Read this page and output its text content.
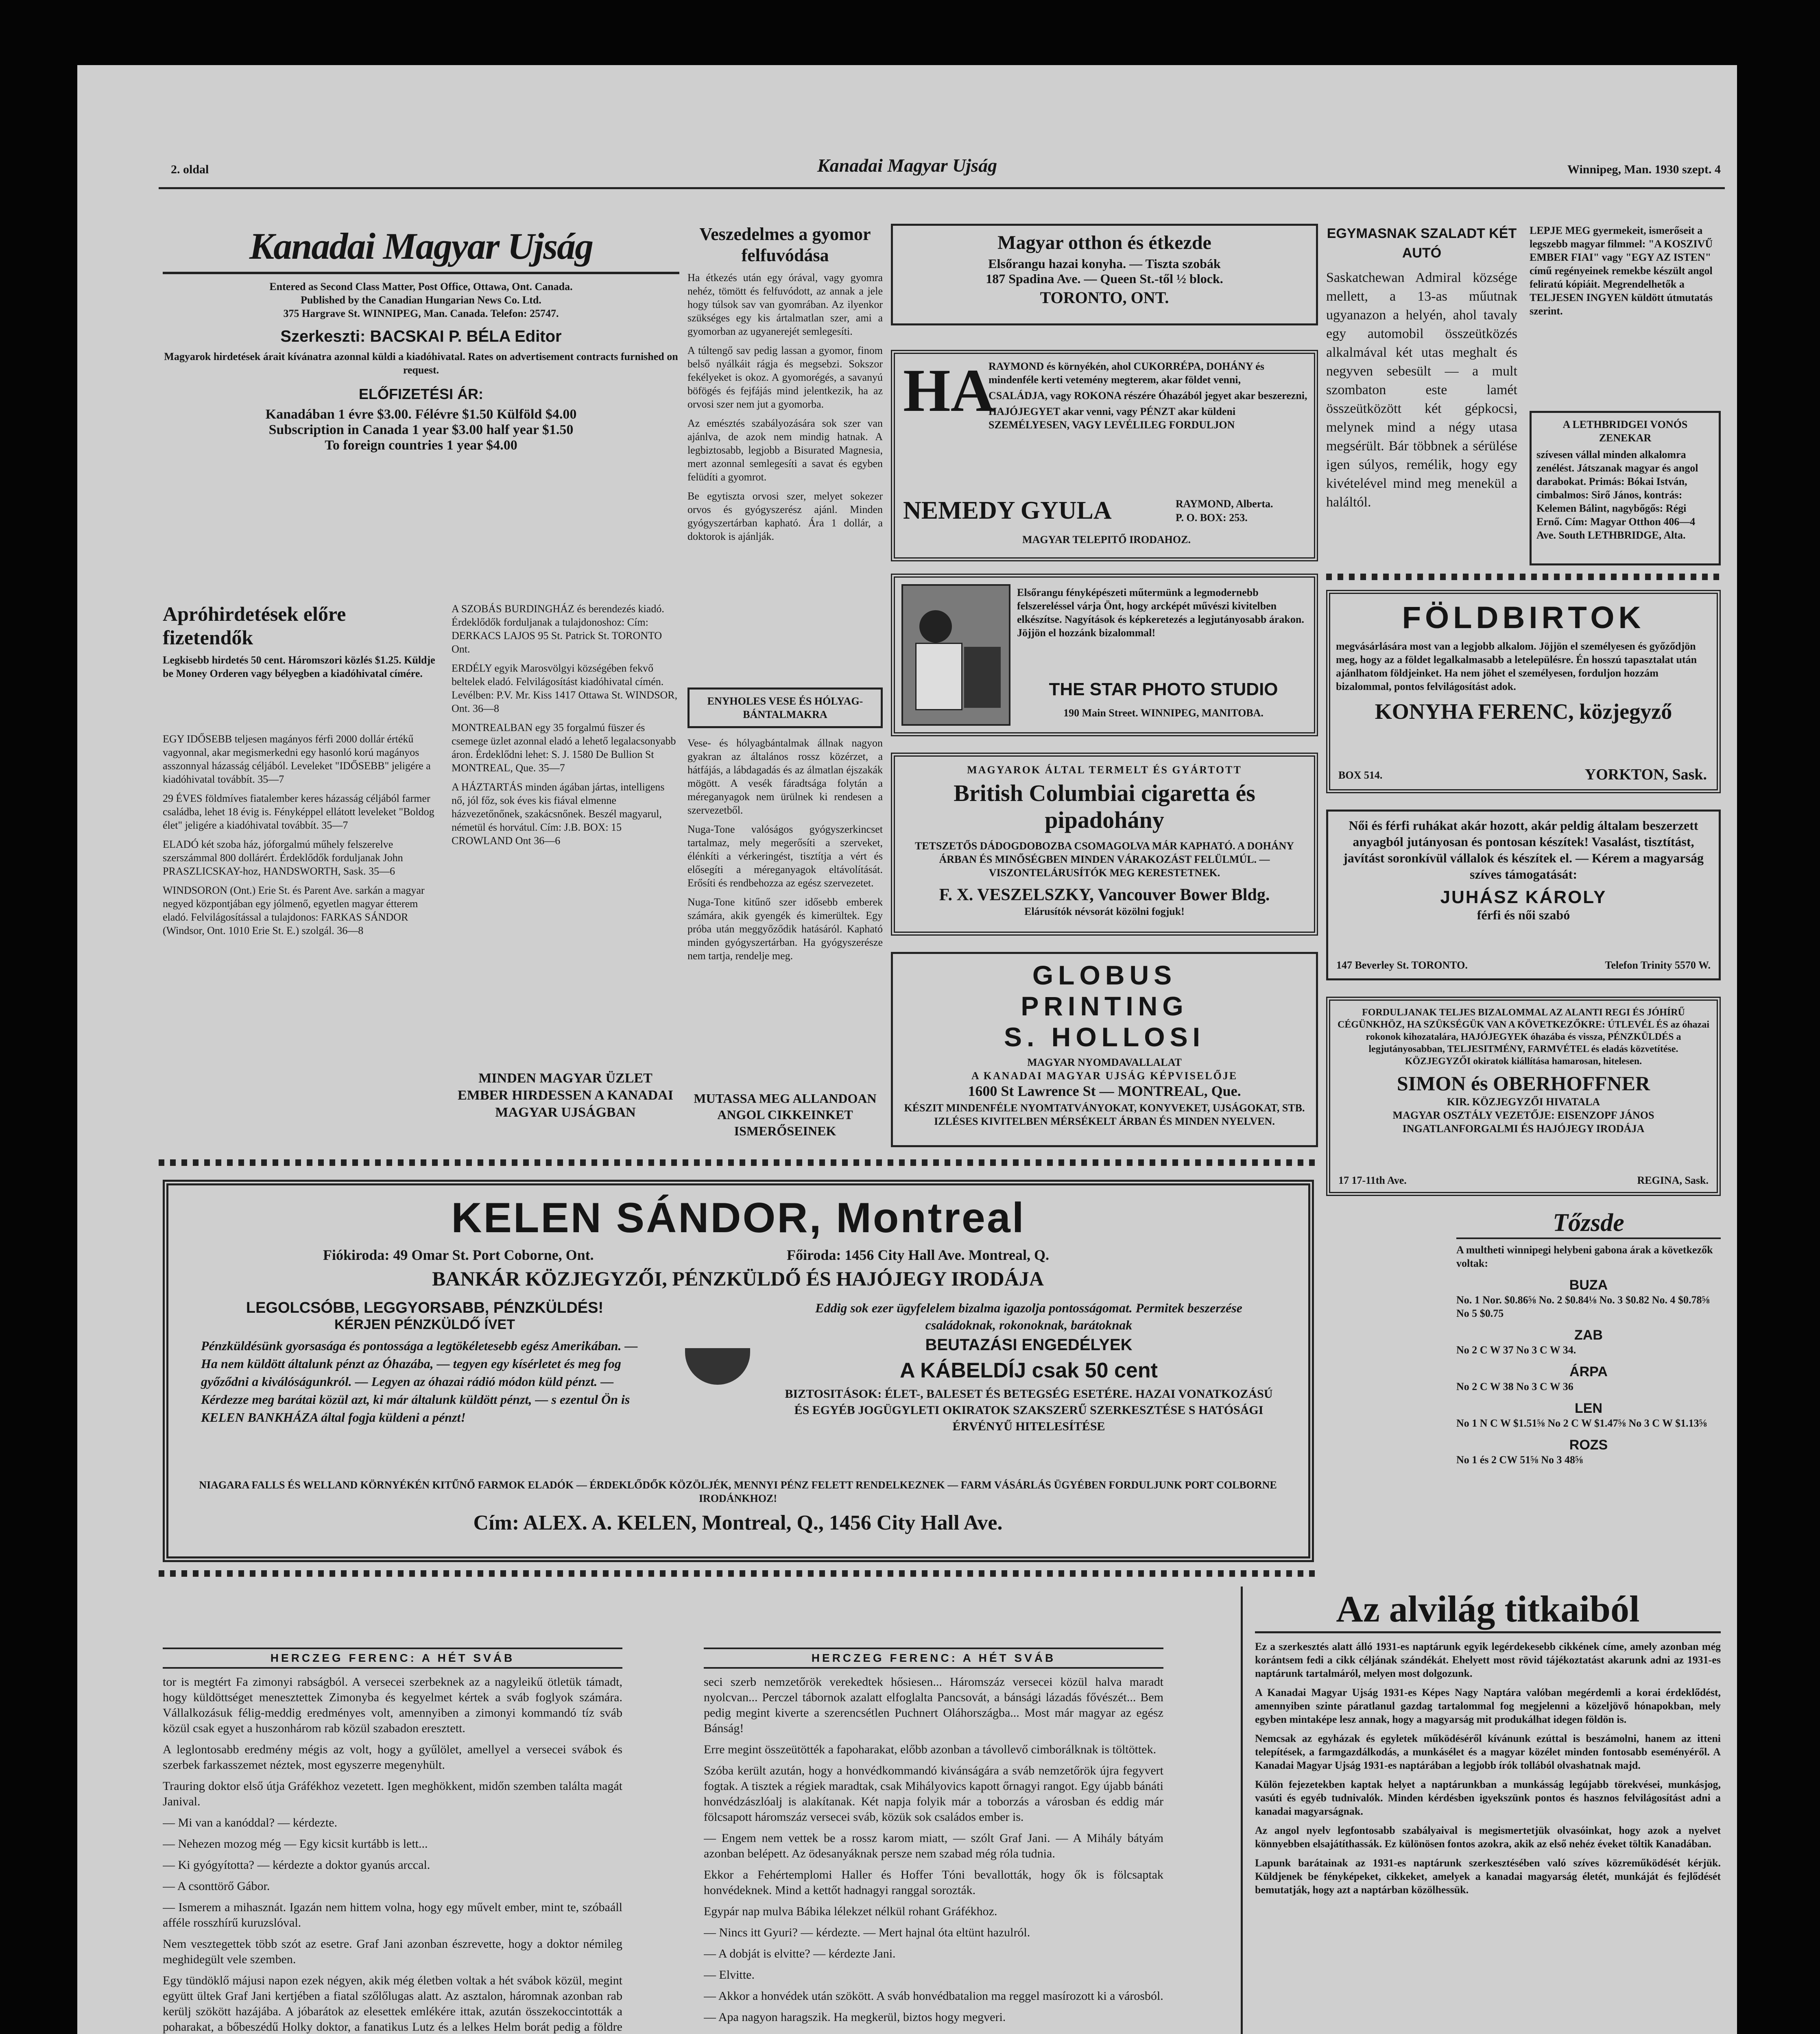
2. oldal	Kanadai Magyar Ujság	Winnipeg, Man. 1930 szept. 4
Kanadai Magyar Ujság
Entered as Second Class Matter, Post Office, Ottawa, Ont. Canada.
Published by the Canadian Hungarian News Co. Ltd.
375 Hargrave St. WINNIPEG, Man. Canada. Telefon: 25747.
Szerkeszti: BACSKAI P. BÉLA Editor
Magyarok hirdetések árait kívánatra azonnal küldi a kiadóhivatal. Rates on advertisement contracts furnished on request.
ELŐFIZETÉSI ÁR:
Kanadában 1 évre $3.00. Félévre $1.50 Külföld $4.00
Subscription in Canada 1 year $3.00 half year $1.50
To foreign countries 1 year $4.00
Apróhirdetések előre fizetendők
Legkisebb hirdetés 50 cent. Háromszori közlés $1.25. Küldje be Money Orderen vagy bélyegben a kiadóhivatal címére.

EGY IDŐSEBB teljesen magányos férfi 2000 dollár értékű vagyonnal, akar megismerkedni egy hasonló korú magányos asszonnyal házasság céljából. Leveleket "IDŐSEBB" jeligére a kiadóhivatal továbbít. 35—7

29 ÉVES földmíves fiatalember keres házasság céljából farmer családba, lehet 18 évig is. Fényképpel ellátott leveleket "Boldog élet" jeligére a kiadóhivatal továbbít. 35—7

ELADÓ két szoba ház, jóforgalmú műhely felszerelve szerszámmal 800 dollárért. Érdeklődők forduljanak John PRASZLICSKAY-hoz, HANDSWORTH, Sask. 35—6

WINDSORON (Ont.) Erie St. és Parent Ave. sarkán a magyar negyed központjában egy jólmenő, egyetlen magyar étterem eladó. Felvilágosítással a tulajdonos: FARKAS SÁNDOR (Windsor, Ont. 1010 Erie St. E.) szolgál. 36—8

A SZOBÁS BURDINGHÁZ és berendezés kiadó. Érdeklődők forduljanak a tulajdonoshoz: Cím: DERKACS LAJOS 95 St. Patrick St. TORONTO Ont.

ERDÉLY egyik Marosvölgyi községében fekvő beltelek eladó. Felvilágosítást kiadóhivatal címén. Levélben: P.V. Mr. Kiss 1417 Ottawa St. WINDSOR, Ont. 36—8

MONTREALBAN egy 35 forgalmú füszer és csemege üzlet azonnal eladó a lehető legalacsonyabb áron. Érdeklődni lehet: S. J. 1580 De Bullion St MONTREAL, Que. 35—7

A HÁZTARTÁS minden ágában jártas, intelligens nő, jól főz, sok éves kis fiával elmenne házvezetőnőnek, szakácsnőnek. Beszél magyarul, németül és horvátul. Cím: J.B. BOX: 15 CROWLAND Ont 36—6

MINDEN MAGYAR ÜZLET EMBER HIRDESSEN A KANADAI MAGYAR UJSÁGBAN
Veszedelmes a gyomor felfuvódása

Ha étkezés után egy órával, vagy gyomra nehéz, tömött és felfuvódott, az annak a jele hogy túlsok sav van gyomrában. Az ilyenkor szükséges egy kis ártalmatlan szer, ami a gyomorban az ugyanerejét semlegesíti.

A túltengő sav pedig lassan a gyomor, finom belső nyálkáit rágja és megsebzi. Sokszor fekélyeket is okoz. A gyomorégés, a savanyú böfögés és fejfájás mind jelentkezik, ha az orvosi szer nem jut a gyomorba.

Az emésztés szabályozására sok szer van ajánlva, de azok nem mindig hatnak. A legbiztosabb, legjobb a Bisurated Magnesia, mert azonnal semlegesíti a savat és egyben felüdíti a gyomrot.

Be egytiszta orvosi szer, melyet sokezer orvos és gyógyszerész ajánl. Minden gyógyszertárban kapható. Ára 1 dollár, a doktorok is ajánlják.

ENYHOLES VESE ÉS HÓLYAG-BÁNTALMAKRA

Vese- és hólyagbántalmak állnak nagyon gyakran az általános rossz közérzet, a hátfájás, a lábdagadás és az álmatlan éjszakák mögött. A vesék fáradtsága folytán a méreganyagok nem ürülnek ki rendesen a szervezetből.

Nuga-Tone valóságos gyógyszerkincset tartalmaz, mely megerősíti a szerveket, élénkíti a vérkeringést, tisztítja a vért és elősegíti a méreganyagok eltávolítását. Erősíti és rendbehozza az egész szervezetet.

Nuga-Tone kitűnő szer idősebb emberek számára, akik gyengék és kimerültek. Egy próba után meggyőződik hatásáról. Kapható minden gyógyszertárban. Ha gyógyszerésze nem tartja, rendelje meg.

MUTASSA MEG ALLANDOAN ANGOL CIKKEINKET ISMERŐSEINEK
Magyar otthon és étkezde
Elsőrangu hazai konyha. — Tiszta szobák
187 Spadina Ave. — Queen St.-től ½ block.
TORONTO, ONT.
HA

RAYMOND és környékén, ahol CUKORRÉPA, DOHÁNY és mindenféle kerti vetemény megterem, akar földet venni,

CSALÁDJA, vagy ROKONA részére Óhazából jegyet akar beszerezni,

HAJÓJEGYET akar venni, vagy PÉNZT akar küldeni SZEMÉLYESEN, VAGY LEVÉLILEG FORDULJON

NEMEDY GYULA	RAYMOND, Alberta.
P. O. BOX: 253.
MAGYAR TELEPITŐ IRODAHOZ.
Elsőrangu fényképészeti műtermünk a legmodernebb felszereléssel várja Önt, hogy arcképét művészi kivitelben elkészítse. Nagyítások és képkeretezés a legjutányosabb árakon. Jöjjön el hozzánk bizalommal!
THE STAR PHOTO STUDIO
190 Main Street. WINNIPEG, MANITOBA.
MAGYAROK ÁLTAL TERMELT ÉS GYÁRTOTT
British Columbiai cigaretta és pipadohány
TETSZETŐS DÁDOGDOBOZBA CSOMAGOLVA MÁR KAPHATÓ. A DOHÁNY ÁRBAN ÉS MINŐSÉGBEN MINDEN VÁRAKOZÁST FELÜLMÚL. — VISZONTELÁRUSÍTÓK MEG KERESTETNEK.
F. X. VESZELSZKY, Vancouver Bower Bldg.
Elárusítók névsorát közölni fogjuk!
GLOBUS
PRINTING
S. HOLLOSI
MAGYAR NYOMDAVALLALAT
A KANADAI MAGYAR UJSÁG KÉPVISELŐJE
1600 St Lawrence St — MONTREAL, Que.
KÉSZIT MINDENFÉLE NYOMTATVÁNYOKAT, KONYVEKET, UJSÁGOKAT, STB. IZLÉSES KIVITELBEN MÉRSÉKELT ÁRBAN ÉS MINDEN NYELVEN.
EGYMASNAK SZALADT KÉT AUTÓ
Saskatchewan Admiral községe mellett, a 13-as műutnak ugyanazon a helyén, ahol tavaly egy automobil összeütközés alkalmával két utas meghalt és negyven sebesült — a mult szombaton este lamét összeütközött két gépkocsi, melynek mind a négy utasa megsérült. Bár többnek a sérülése igen súlyos, remélik, hogy egy kivételével mind meg menekül a haláltól.
LEPJE MEG gyermekeit, ismerőseit a legszebb magyar filmmel: "A KOSZIVŰ EMBER FIAI" vagy "EGY AZ ISTEN" című regényeinek remekbe készült angol feliratú kópiáit. Megrendelhetők a TELJESEN INGYEN küldött útmutatás szerint.
A LETHBRIDGEI VONÓS ZENEKAR
szívesen vállal minden alkalomra zenélést. Játszanak magyar és angol darabokat. Primás: Bókai István, cimbalmos: Sirő János, kontrás: Kelemen Bálint, nagybőgős: Régi Ernő. Cím: Magyar Otthon 406—4 Ave. South LETHBRIDGE, Alta.
FÖLDBIRTOK
megvásárlására most van a legjobb alkalom. Jöjjön el személyesen és győződjön meg, hogy az a földet legalkalmasabb a letelepülésre. Én hosszú tapasztalat után ajánlhatom földjeinket. Ha nem jöhet el személyesen, forduljon hozzám bizalommal, pontos felvilágosítást adok.
KONYHA FERENC, közjegyző
BOX 514.	YORKTON, Sask.
Női és férfi ruhákat akár hozott, akár peldig általam beszerzett anyagból jutányosan és pontosan készítek! Vasalást, tisztítást, javítást soronkívül vállalok és készítek el. — Kérem a magyarság szíves támogatását:
JUHÁSZ KÁROLY
férfi és női szabó
147 Beverley St. TORONTO.	Telefon Trinity 5570 W.
FORDULJANAK TELJES BIZALOMMAL AZ ALANTI REGI ÉS JÓHÍRŰ CÉGÜNKHÖZ, HA SZÜKSÉGÜK VAN A KÖVETKEZŐKRE: ÚTLEVÉL ÉS az óhazai rokonok kihozatalára, HAJÓJEGYEK óhazába és vissza, PÉNZKÜLDÉS a legjutányosabban, TELJESITMÉNY, FARMVÉTEL és eladás közvetítése. KÖZJEGYZŐI okiratok kiállítása hamarosan, hitelesen.
SIMON és OBERHOFFNER
KIR. KÖZJEGYZŐI HIVATALA
MAGYAR OSZTÁLY VEZETŐJE: EISENZOPF JÁNOS INGATLANFORGALMI ÉS HAJÓJEGY IRODÁJA
17 17-11th Ave.	REGINA, Sask.
KELEN SÁNDOR, Montreal
Fiókiroda: 49 Omar St. Port Coborne, Ont.	Főiroda: 1456 City Hall Ave. Montreal, Q.
BANKÁR KÖZJEGYZŐI, PÉNZKÜLDŐ ÉS HAJÓJEGY IRODÁJA
LEGOLCSÓBB, LEGGYORSABB, PÉNZKÜLDÉS!
KÉRJEN PÉNZKÜLDŐ ÍVET
Pénzküldésünk gyorsasága és pontossága a legtökéletesebb egész Amerikában. — Ha nem küldött általunk pénzt az Óhazába, — tegyen egy kísérletet és meg fog győződni a kiválóságunkról. — Legyen az óhazai rádió módon küld pénzt. — Kérdezze meg barátai közül azt, ki már általunk küldött pénzt, — s ezentul Ön is KELEN BANKHÁZA által fogja küldeni a pénzt!
Eddig sok ezer ügyfelelem bizalma igazolja pontosságomat. Permitek beszerzése családoknak, rokonoknak, barátoknak
BEUTAZÁSI ENGEDÉLYEK
A KÁBELDÍJ csak 50 cent
BIZTOSITÁSOK: ÉLET-, BALESET ÉS BETEGSÉG ESETÉRE. HAZAI VONATKOZÁSÚ ÉS EGYÉB JOGÜGYLETI OKIRATOK SZAKSZERŰ SZERKESZTÉSE S HATÓSÁGI ÉRVÉNYŰ HITELESÍTÉSE
NIAGARA FALLS ÉS WELLAND KÖRNYÉKÉN KITŰNŐ FARMOK ELADÓK — ÉRDEKLŐDŐK KÖZÖLJÉK, MENNYI PÉNZ FELETT RENDELKEZNEK — FARM VÁSÁRLÁS ÜGYÉBEN FORDULJUNK PORT COLBORNE IRODÁNKHOZ!
Cím: ALEX. A. KELEN, Montreal, Q., 1456 City Hall Ave.
Tőzsde
A multheti winnipegi helybeni gabona árak a következők voltak:
BUZA
No. 1 Nor. $0.86⅝ No. 2 $0.84⅛ No. 3 $0.82 No. 4 $0.78⅝ No 5 $0.75
ZAB
No 2 C W 37 No 3 C W 34.
ÁRPA
No 2 C W 38 No 3 C W 36
LEN
No 1 N C W $1.51⅝ No 2 C W $1.47⅝ No 3 C W $1.13⅝
ROZS
No 1 és 2 CW 51⅝ No 3 48⅝
Az alvilág titkaiból

Ez a szerkesztés alatt álló 1931-es naptárunk egyik legérdekesebb cikkének címe, amely azonban még korántsem fedi a cikk céljának szándékát. Ehelyett most rövid tájékoztatást akarunk adni az 1931-es naptárunk tartalmáról, melyen most dolgozunk.

A Kanadai Magyar Ujság 1931-es Képes Nagy Naptára valóban megérdemli a korai érdeklődést, amennyiben szinte páratlanul gazdag tartalommal fog megjelenni a közeljövő hónapokban, mely egyben mintaképe lesz annak, hogy a magyarság mit produkálhat idegen földön is.

Nemcsak az egyházak és egyletek működéséről kívánunk ezúttal is beszámolni, hanem az itteni telepítések, a farmgazdálkodás, a munkásélet és a magyar közélet minden fontosabb eseményéről. A Kanadai Magyar Ujság 1931-es naptárában a legjobb írók tollából olvashatnak majd.

Külön fejezetekben kaptak helyet a naptárunkban a munkásság legújabb törekvései, munkásjog, vasúti és egyéb tudnivalók. Minden kérdésben igyekszünk pontos és hasznos felvilágosítást adni a kanadai magyarságnak.

Az angol nyelv legfontosabb szabályaival is megismertetjük olvasóinkat, hogy azok a nyelvet könnyebben elsajátíthassák. Ez különösen fontos azokra, akik az első nehéz éveket töltik Kanadában.

Lapunk barátainak az 1931-es naptárunk szerkesztésében való szíves közreműködését kérjük. Küldjenek be fényképeket, cikkeket, amelyek a kanadai magyarság életét, munkáját és fejlődését bemutatják, hogy azt a naptárban közölhessük.

HERCZEG FERENC: A HÉT SVÁB

tor is megtért Fa zimonyi rabságból. A versecei szerbeknek az a nagyleikű ötletük támadt, hogy küldöttséget menesztettek Zimonyba és kegyelmet kértek a sváb foglyok számára. Vállalkozásuk félig-meddig eredményes volt, amennyiben a zimonyi kommandó tíz sváb közül csak egyet a huszonhárom rab közül szabadon eresztett.

A leglontosabb eredmény mégis az volt, hogy a gyűlölet, amellyel a versecei svábok és szerbek farkasszemet néztek, most egyszerre megenyhült.

Trauring doktor első útja Gráfékhoz vezetett. Igen meghökkent, midőn szemben találta magát Janival.

— Mi van a kanóddal? — kérdezte.

— Nehezen mozog még — Egy kicsit kurtább is lett...

— Ki gyógyította? — kérdezte a doktor gyanús arccal.

— A csonttörő Gábor.

— Ismerem a mihasznát. Igazán nem hittem volna, hogy egy művelt ember, mint te, szóbaáll afféle rosszhírű kuruzslóval.

Nem vesztegettek több szót az esetre. Graf Jani azonban észrevette, hogy a doktor némileg meghidegült vele szemben.

Egy tündöklő májusi napon ezek négyen, akik még életben voltak a hét svábok közül, megint együtt ültek Graf Jani kertjében a fiatal szőlőlugas alatt. Az asztalon, háromnak azonban rab kerülj szökött hazájába. A jóbarátok az elesettek emlékére ittak, azután összekoccintották a poharakat, a bőbeszédű Holky doktor, a fanatikus Lutz és a lelkes Helm borát pedig a földre

HERCZEG FERENC: A HÉT SVÁB

seci szerb nemzetőrök verekedtek hősiesen... Háromszáz versecei közül halva maradt nyolcvan... Perczel tábornok azalatt elfoglalta Pancsovát, a bánsági lázadás fővészét... Bem pedig megint kiverte a szerencsétlen Puchnert Oláhországba... Most már magyar az egész Bánság!

Erre megint összeütötték a fapoharakat, előbb azonban a távollevő cimborálknak is töltöttek.

Szóba került azután, hogy a honvédkommandó kivánságára a sváb nemzetőrök újra fegyvert fogtak. A tisztek a régiek maradtak, csak Mihályovics kapott őrnagyi rangot. Egy újabb bánáti honvédzászlóalj is alakítanak. Két napja folyik már a toborzás a városban és eddig már fölcsapott háromszáz versecei sváb, közük sok családos ember is.

— Engem nem vettek be a rossz karom miatt, — szólt Graf Jani. — A Mihály bátyám azonban belépett. Az ödesanyáknak persze nem szabad még róla tudnia.

Ekkor a Fehértemplomi Haller és Hoffer Tóni bevallották, hogy ők is fölcsaptak honvédeknek. Mind a kettőt hadnagyi ranggal sorozták.

Egypár nap mulva Bábika lélekzet nélkül rohant Gráfékhoz.

— Nincs itt Gyuri? — kérdezte. — Mert hajnal óta eltünt hazulról.

— A dobját is elvitte? — kérdezte Jani.

— Elvitte.

— Akkor a honvédek után szökött. A sváb honvédbatalion ma reggel masírozott ki a városból.

— Apa nagyon haragszik. Ha megkerül, biztos hogy megveri.
